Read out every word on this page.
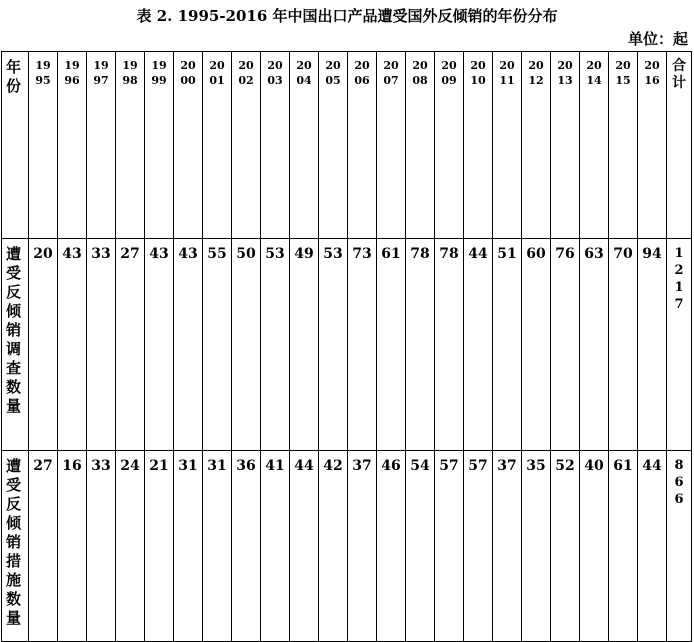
表 2. 1995-2016 年中国出口产品遭受国外反倾销的年份分布
单位：起
年份	1995	1996	1997	1998	1999	2000	2001	2002	2003	2004	2005	2006	2007	2008	2009	2010	2011	2012	2013	2014	2015	2016	合计
遭受反倾销调查数量	20	43	33	27	43	43	55	50	53	49	53	73	61	78	78	44	51	60	76	63	70	94	1217
遭受反倾销措施数量	27	16	33	24	21	31	31	36	41	44	42	37	46	54	57	57	37	35	52	40	61	44	866
